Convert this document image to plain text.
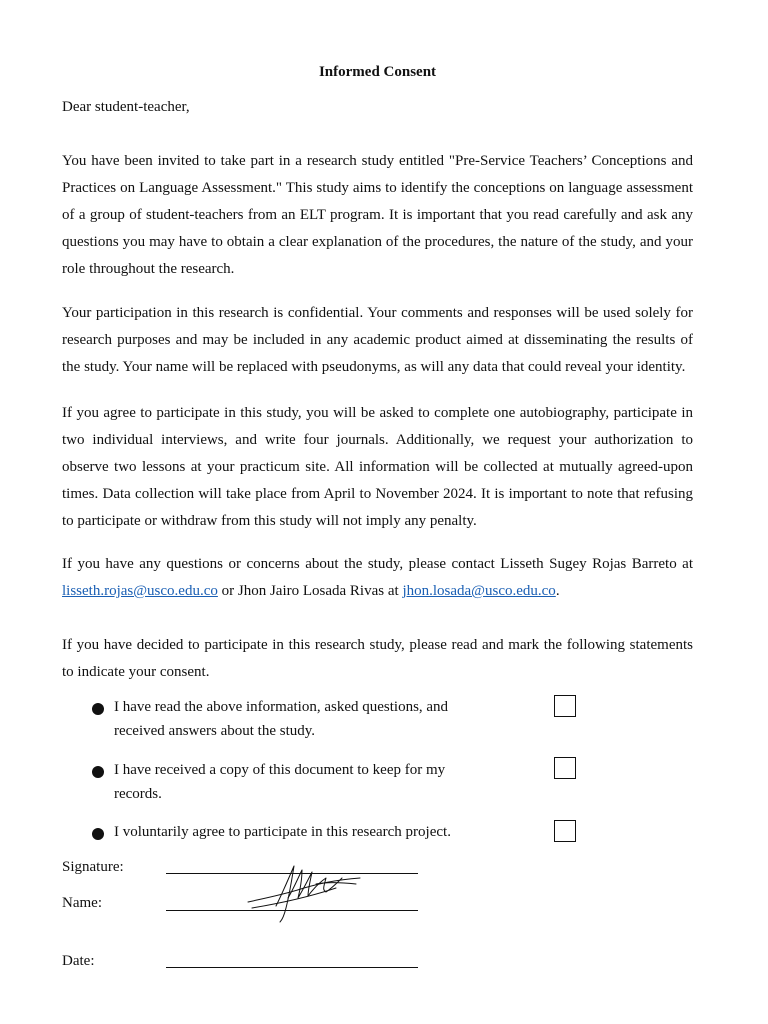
Informed Consent
Dear student-teacher,

You have been invited to take part in a research study entitled "Pre-Service Teachers’ Conceptions and Practices on Language Assessment." This study aims to identify the conceptions on language assessment of a group of student-teachers from an ELT program. It is important that you read carefully and ask any questions you may have to obtain a clear explanation of the procedures, the nature of the study, and your role throughout the research.

Your participation in this research is confidential. Your comments and responses will be used solely for research purposes and may be included in any academic product aimed at disseminating the results of the study. Your name will be replaced with pseudonyms, as will any data that could reveal your identity.

If you agree to participate in this study, you will be asked to complete one autobiography, participate in two individual interviews, and write four journals. Additionally, we request your authorization to observe two lessons at your practicum site. All information will be collected at mutually agreed-upon times. Data collection will take place from April to November 2024. It is important to note that refusing to participate or withdraw from this study will not imply any penalty.

If you have any questions or concerns about the study, please contact Lisseth Sugey Rojas Barreto at lisseth.rojas@usco.edu.co or Jhon Jairo Losada Rivas at jhon.losada@usco.edu.co.

If you have decided to participate in this research study, please read and mark the following statements to indicate your consent.

I have read the above information, asked questions, and received answers about the study.
I have received a copy of this document to keep for my records.
I voluntarily agree to participate in this research project.
Signature:
Name:
Date:
